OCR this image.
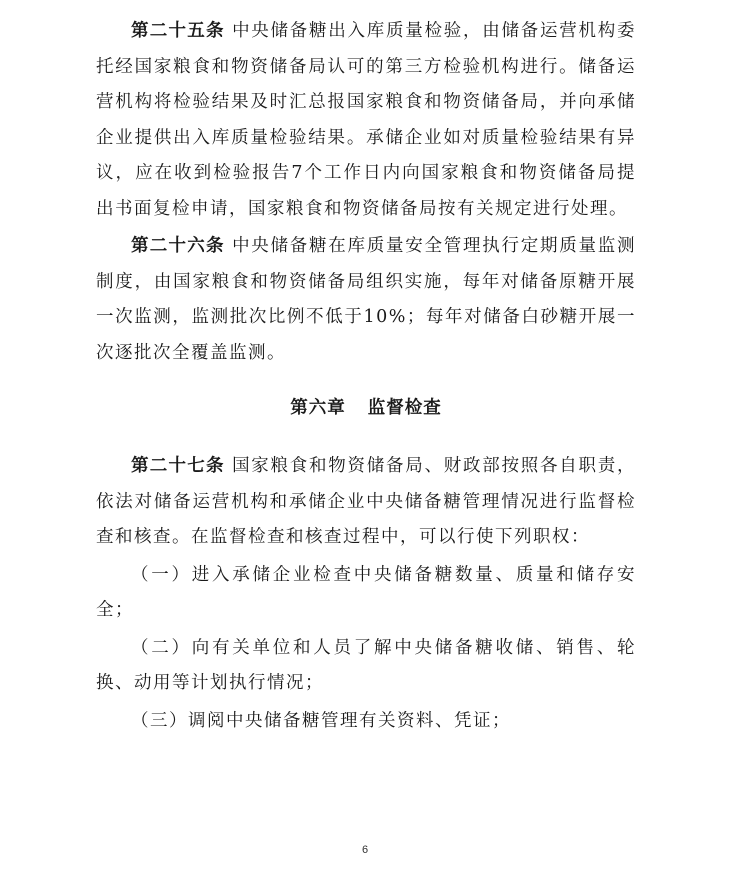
第二十五条 中央储备糖出入库质量检验，由储备运营机构委托经国家粮食和物资储备局认可的第三方检验机构进行。储备运营机构将检验结果及时汇总报国家粮食和物资储备局，并向承储企业提供出入库质量检验结果。承储企业如对质量检验结果有异议，应在收到检验报告7个工作日内向国家粮食和物资储备局提出书面复检申请，国家粮食和物资储备局按有关规定进行处理。

第二十六条 中央储备糖在库质量安全管理执行定期质量监测制度，由国家粮食和物资储备局组织实施，每年对储备原糖开展一次监测，监测批次比例不低于10%；每年对储备白砂糖开展一次逐批次全覆盖监测。

第六章 监督检查

第二十七条 国家粮食和物资储备局、财政部按照各自职责，依法对储备运营机构和承储企业中央储备糖管理情况进行监督检查和核查。在监督检查和核查过程中，可以行使下列职权：

（一）进入承储企业检查中央储备糖数量、质量和储存安全；

（二）向有关单位和人员了解中央储备糖收储、销售、轮换、动用等计划执行情况；

（三）调阅中央储备糖管理有关资料、凭证；

6
